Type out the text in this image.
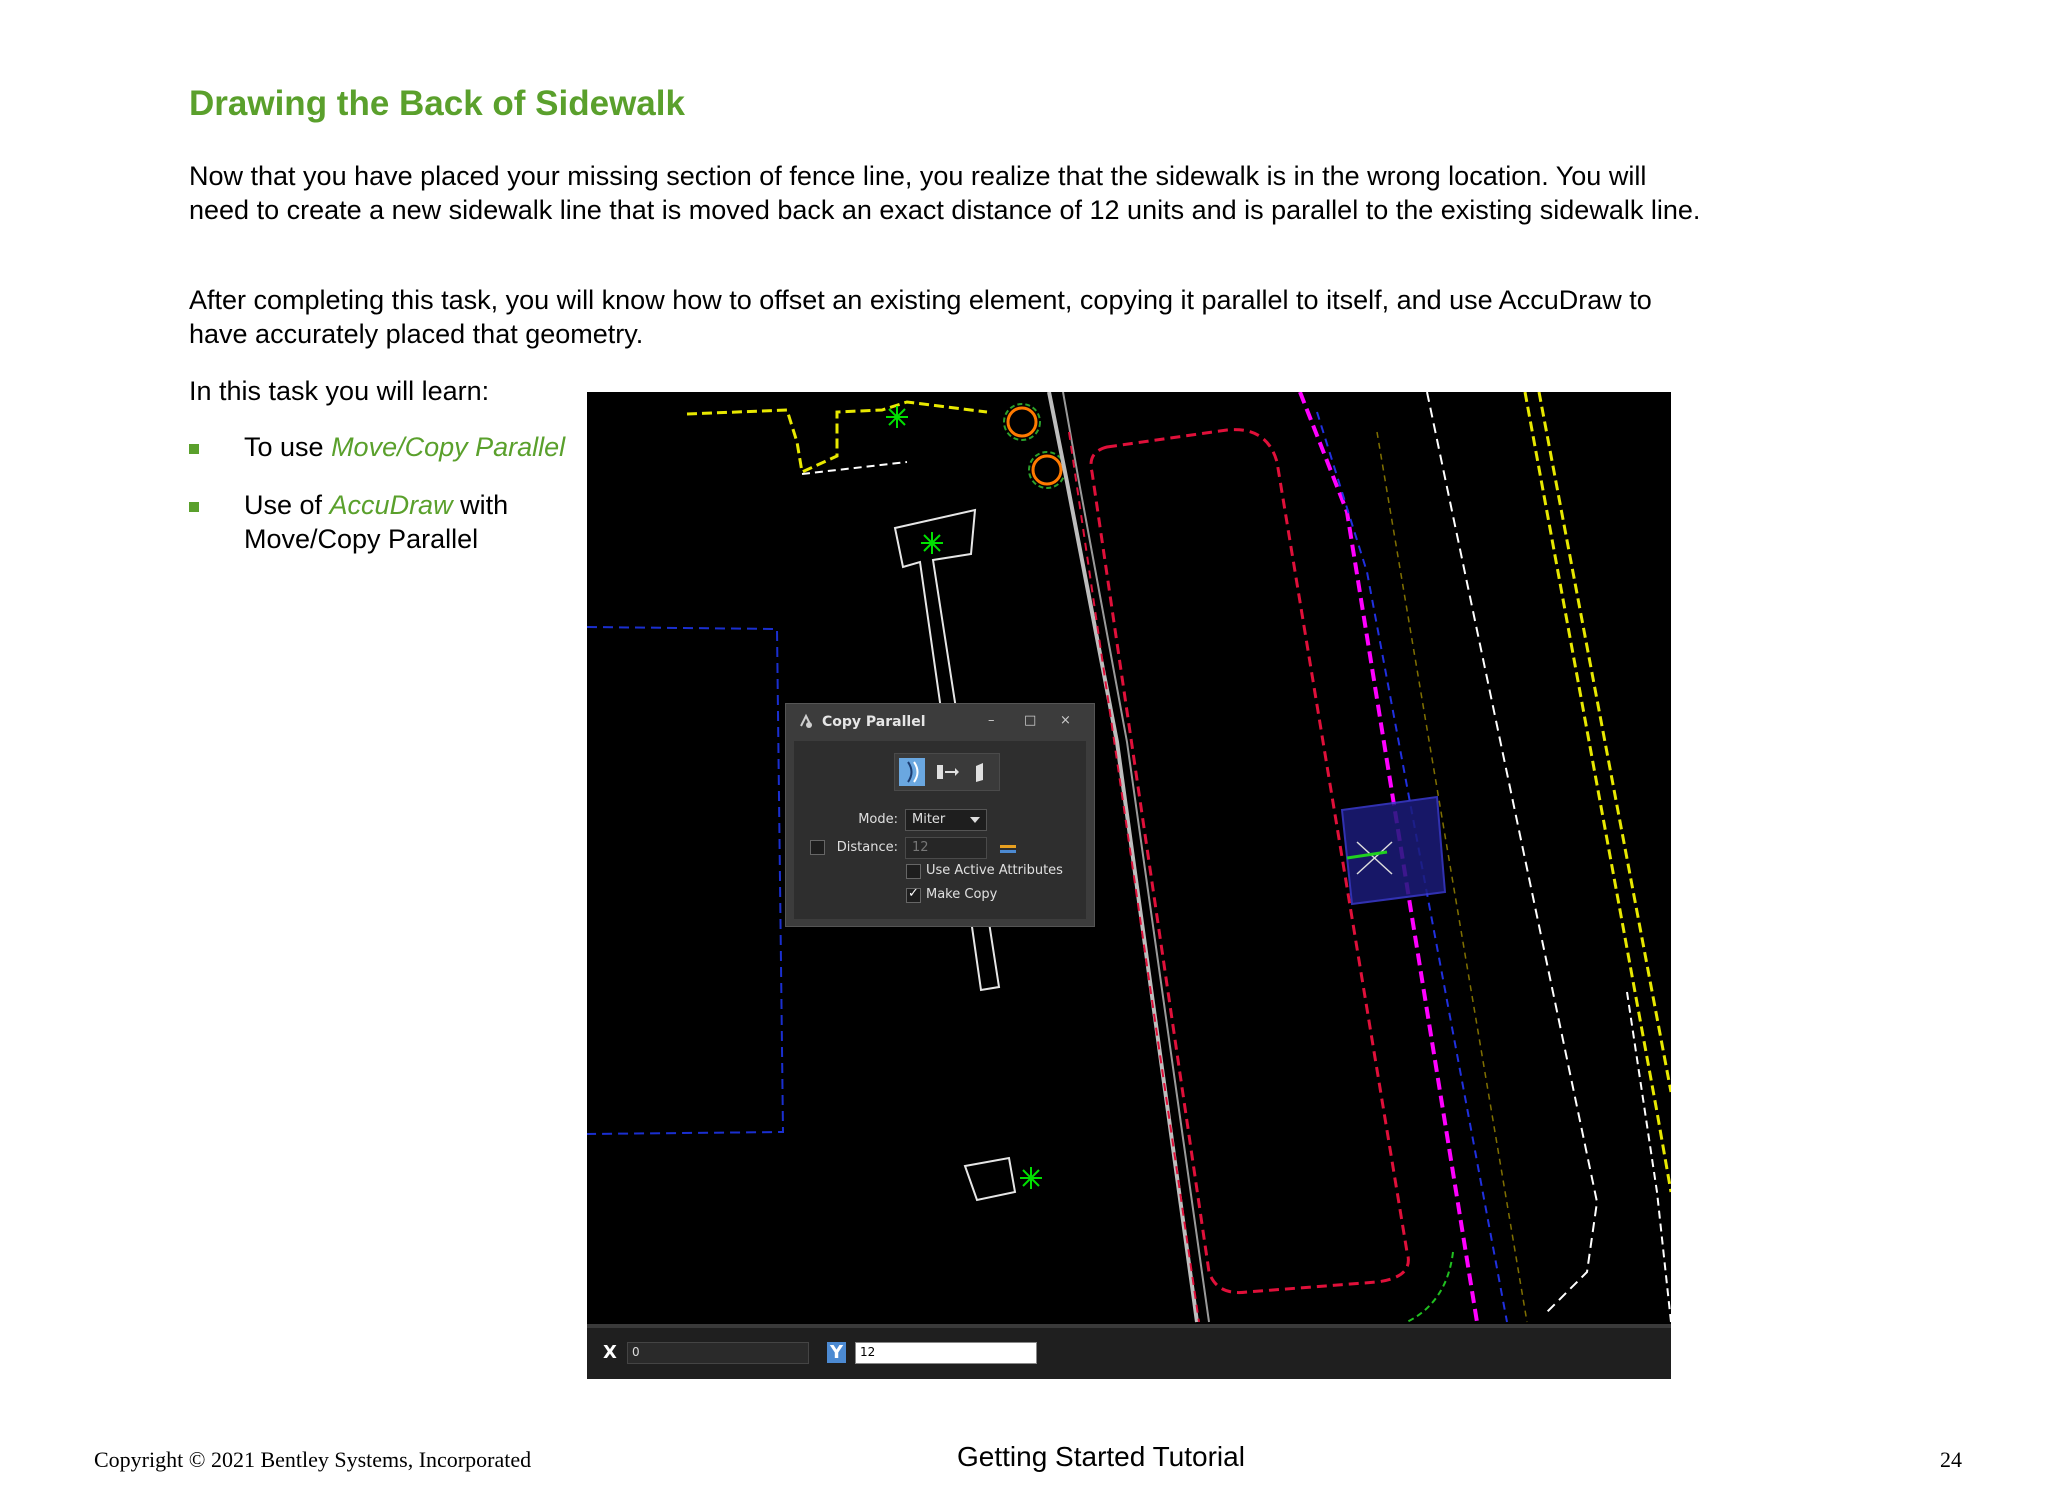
Drawing the Back of Sidewalk

Now that you have placed your missing section of fence line, you realize that the sidewalk is in the wrong location. You will need to create a new sidewalk line that is moved back an exact distance of 12 units and is parallel to the existing sidewalk line.

After completing this task, you will know how to offset an existing element, copying it parallel to itself, and use AccuDraw to have accurately placed that geometry.

In this task you will learn:

To use Move/Copy Parallel
Use of AccuDraw with Move/Copy Parallel
Copy Parallel	– □ ×
Mode: Miter
Distance: 12
Use Active Attributes
✓
Make Copy
X 0	Y 12
Copyright © 2021 Bentley Systems, Incorporated	Getting Started Tutorial	24
